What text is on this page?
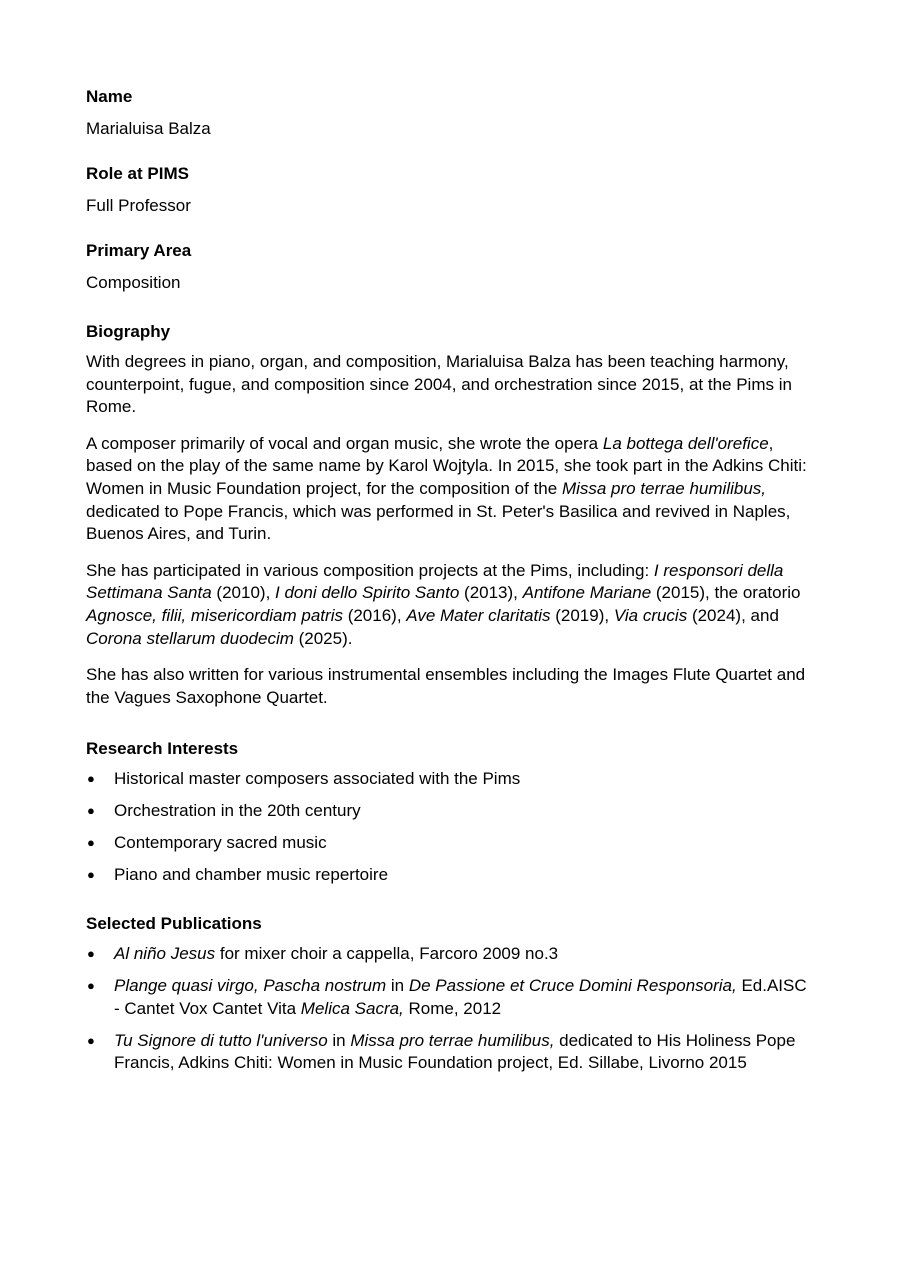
Name

Marialuisa Balza

Role at PIMS

Full Professor

Primary Area

Composition

Biography

With degrees in piano, organ, and composition, Marialuisa Balza has been teaching harmony, counterpoint, fugue, and composition since 2004, and orchestration since 2015, at the Pims in Rome.

A composer primarily of vocal and organ music, she wrote the opera La bottega dell'orefice, based on the play of the same name by Karol Wojtyla. In 2015, she took part in the Adkins Chiti: Women in Music Foundation project, for the composition of the Missa pro terrae humilibus, dedicated to Pope Francis, which was performed in St. Peter's Basilica and revived in Naples, Buenos Aires, and Turin.

She has participated in various composition projects at the Pims, including: I responsori della Settimana Santa (2010), I doni dello Spirito Santo (2013), Antifone Mariane (2015), the oratorio Agnosce, filii, misericordiam patris (2016), Ave Mater claritatis (2019), Via crucis (2024), and Corona stellarum duodecim (2025).

She has also written for various instrumental ensembles including the Images Flute Quartet and the Vagues Saxophone Quartet.

Research Interests

● Historical master composers associated with the Pims
● Orchestration in the 20th century
● Contemporary sacred music
● Piano and chamber music repertoire

Selected Publications

● Al niño Jesus for mixer choir a cappella, Farcoro 2009 no.3
● Plange quasi virgo, Pascha nostrum in De Passione et Cruce Domini Responsoria, Ed.AISC - Cantet Vox Cantet Vita Melica Sacra, Rome, 2012
● Tu Signore di tutto l'universo in Missa pro terrae humilibus, dedicated to His Holiness Pope Francis, Adkins Chiti: Women in Music Foundation project, Ed. Sillabe, Livorno 2015
